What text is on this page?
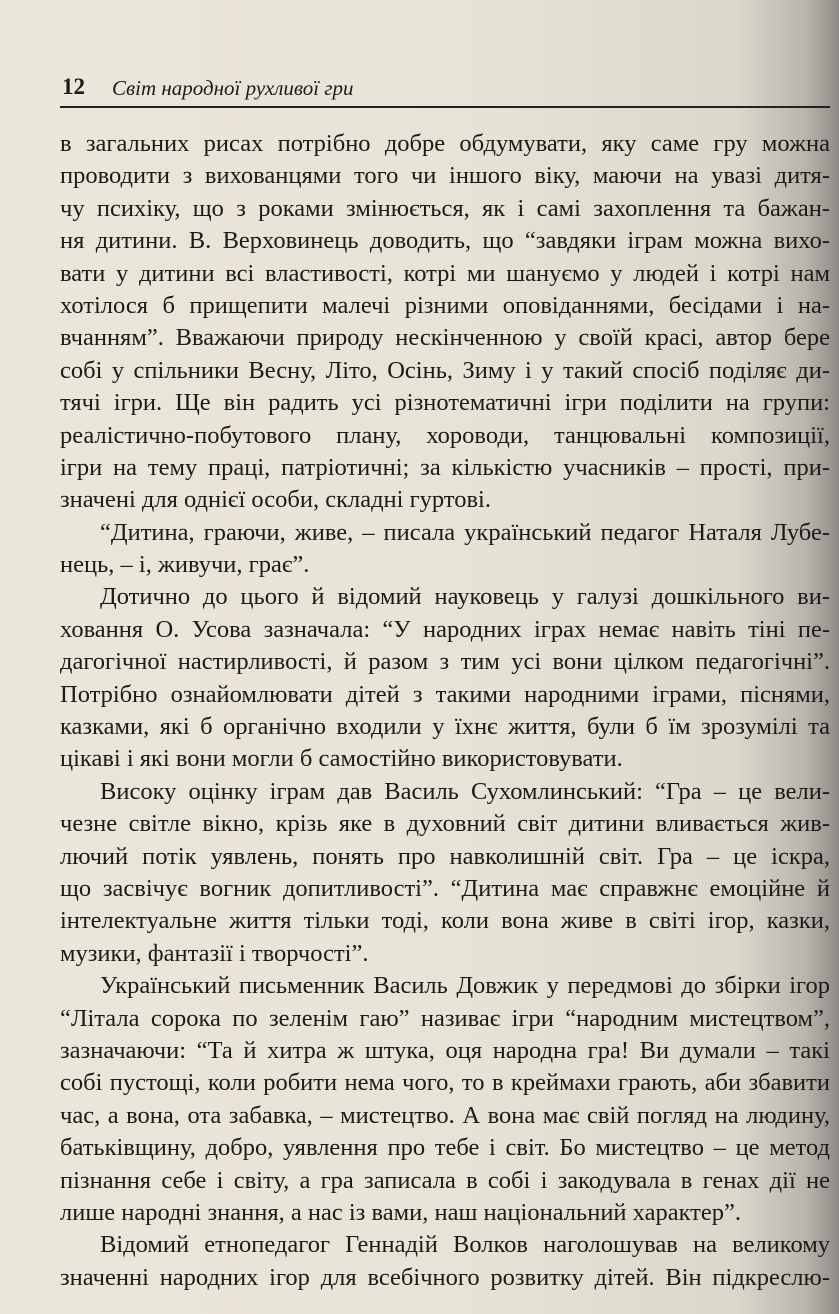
12 Світ народної рухливої гри
в загальних рисах потрібно добре обдумувати, яку саме гру можна
проводити з вихованцями того чи іншого віку, маючи на увазі дитя-
чу психіку, що з роками змінюється, як і самі захоплення та бажан-
ня дитини. В. Верховинець доводить, що “завдяки іграм можна вихо-
вати у дитини всі властивості, котрі ми шануємо у людей і котрі нам
хотілося б прищепити малечі різними оповіданнями, бесідами і на-
вчанням”. Вважаючи природу нескінченною у своїй красі, автор бере
собі у спільники Весну, Літо, Осінь, Зиму і у такий спосіб поділяє ди-
тячі ігри. Ще він радить усі різнотематичні ігри поділити на групи:
реалістично-побутового плану, хороводи, танцювальні композиції,
ігри на тему праці, патріотичні; за кількістю учасників – прості, при-
значені для однієї особи, складні гуртові.
“Дитина, граючи, живе, – писала український педагог Наталя Лубе-
нець, – і, живучи, грає”.
Дотично до цього й відомий науковець у галузі дошкільного ви-
ховання О. Усова зазначала: “У народних іграх немає навіть тіні пе-
дагогічної настирливості, й разом з тим усі вони цілком педагогічні”.
Потрібно ознайомлювати дітей з такими народними іграми, піснями,
казками, які б органічно входили у їхнє життя, були б їм зрозумілі та
цікаві і які вони могли б самостійно використовувати.
Високу оцінку іграм дав Василь Сухомлинський: “Гра – це вели-
чезне світле вікно, крізь яке в духовний світ дитини вливається жив-
лючий потік уявлень, понять про навколишній світ. Гра – це іскра,
що засвічує вогник допитливості”. “Дитина має справжнє емоційне й
інтелектуальне життя тільки тоді, коли вона живе в світі ігор, казки,
музики, фантазії і творчості”.
Український письменник Василь Довжик у передмові до збірки ігор
“Літала сорока по зеленім гаю” називає ігри “народним мистецтвом”,
зазначаючи: “Та й хитра ж штука, оця народна гра! Ви думали – такі
собі пустощі, коли робити нема чого, то в креймахи грають, аби збавити
час, а вона, ота забавка, – мистецтво. А вона має свій погляд на людину,
батьківщину, добро, уявлення про тебе і світ. Бо мистецтво – це метод
пізнання себе і світу, а гра записала в собі і закодувала в генах дії не
лише народні знання, а нас із вами, наш національний характер”.
Відомий етнопедагог Геннадій Волков наголошував на великому
значенні народних ігор для всебічного розвитку дітей. Він підкреслю-
